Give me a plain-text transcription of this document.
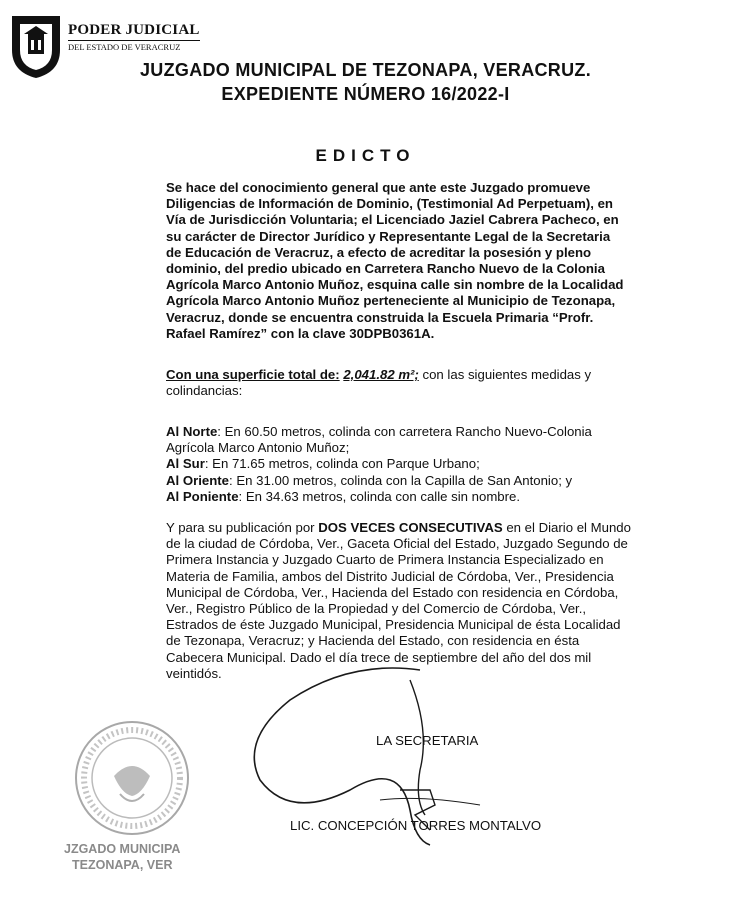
PODER JUDICIAL
DEL ESTADO DE VERACRUZ
JUZGADO MUNICIPAL DE TEZONAPA, VERACRUZ.
EXPEDIENTE NÚMERO 16/2022-I
EDICTO
Se hace del conocimiento general que ante este Juzgado promueve
Diligencias de Información de Dominio, (Testimonial Ad Perpetuam), en
Vía de Jurisdicción Voluntaria; el Licenciado Jaziel Cabrera Pacheco, en
su carácter de Director Jurídico y Representante Legal de la Secretaria
de Educación de Veracruz, a efecto de acreditar la posesión y pleno
dominio, del predio ubicado en Carretera Rancho Nuevo de la Colonia
Agrícola Marco Antonio Muñoz, esquina calle sin nombre de la Localidad
Agrícola Marco Antonio Muñoz perteneciente al Municipio de Tezonapa,
Veracruz, donde se encuentra construida la Escuela Primaria “Profr.
Rafael Ramírez” con la clave 30DPB0361A.
Con una superficie total de: 2,041.82 m²; con las siguientes medidas y
colindancias:
Al Norte: En 60.50 metros, colinda con carretera Rancho Nuevo-Colonia
Agrícola Marco Antonio Muñoz;
Al Sur: En 71.65 metros, colinda con Parque Urbano;
Al Oriente: En 31.00 metros, colinda con la Capilla de San Antonio; y
Al Poniente: En 34.63 metros, colinda con calle sin nombre.
Y para su publicación por DOS VECES CONSECUTIVAS en el Diario el Mundo
de la ciudad de Córdoba, Ver., Gaceta Oficial del Estado, Juzgado Segundo de
Primera Instancia y Juzgado Cuarto de Primera Instancia Especializado en
Materia de Familia, ambos del Distrito Judicial de Córdoba, Ver., Presidencia
Municipal de Córdoba, Ver., Hacienda del Estado con residencia en Córdoba,
Ver., Registro Público de la Propiedad y del Comercio de Córdoba, Ver.,
Estrados de éste Juzgado Municipal, Presidencia Municipal de ésta Localidad
de Tezonapa, Veracruz; y Hacienda del Estado, con residencia en ésta
Cabecera Municipal. Dado el día trece de septiembre del año del dos mil
veintidós.
JZGADO MUNICIPA
TEZONAPA, VER
LA SECRETARIA
LIC. CONCEPCIÓN TORRES MONTALVO
